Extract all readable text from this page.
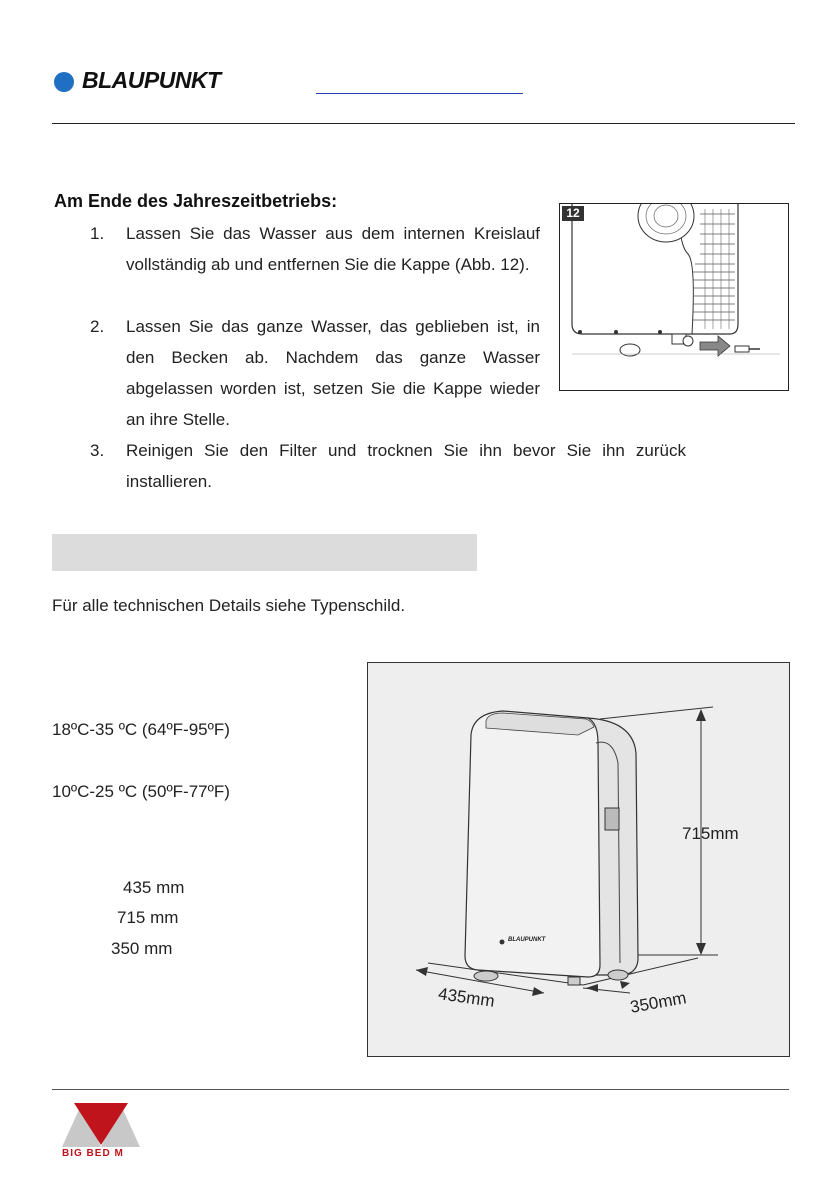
BLAUPUNKT
Am Ende des Jahreszeitbetriebs:
1. Lassen Sie das Wasser aus dem internen Kreislauf vollständig ab und entfernen Sie die Kappe (Abb. 12).
2. Lassen Sie das ganze Wasser, das geblieben ist, in den Becken ab. Nachdem das ganze Wasser abgelassen worden ist, setzen Sie die Kappe wieder an ihre Stelle.
3. Reinigen Sie den Filter und trocknen Sie ihn bevor Sie ihn zurück installieren.
12
Für alle technischen Details siehe Typenschild.
18ºC-35 ºC (64ºF-95ºF)
10ºC-25 ºC (50ºF-77ºF)
435 mm
715 mm
350 mm
715mm
435mm	350mm
BLAUPUNKT
BIG BED M
